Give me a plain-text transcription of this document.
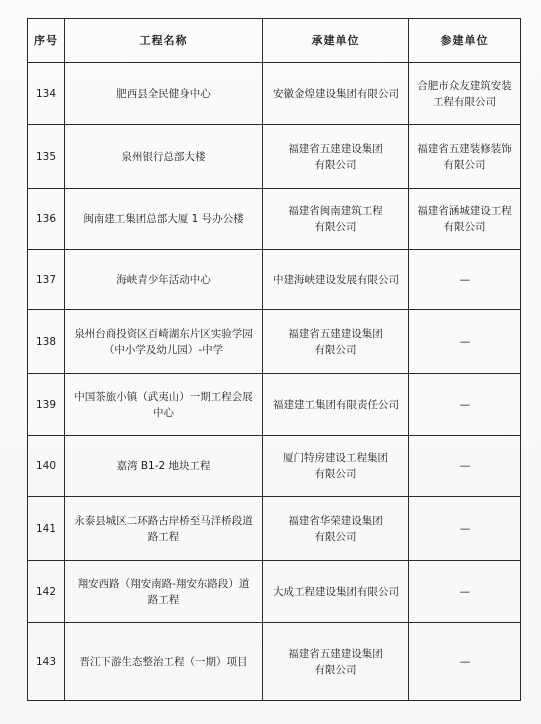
序号	工程名称	承建单位	参建单位
134	肥西县全民健身中心	安徽金煌建设集团有限公司	合肥市众友建筑安装工程有限公司
135	泉州银行总部大楼	福建省五建建设集团有限公司	福建省五建装修装饰有限公司
136	闽南建工集团总部大厦 1 号办公楼	福建省闽南建筑工程有限公司	福建省涵城建设工程有限公司
137	海峡青少年活动中心	中建海峡建设发展有限公司	—
138	泉州台商投资区百崎湖东片区实验学园（中小学及幼儿园）-中学	福建省五建建设集团有限公司	—
139	中国茶旅小镇（武夷山）一期工程会展中心	福建建工集团有限责任公司	—
140	嘉湾 B1-2 地块工程	厦门特房建设工程集团有限公司	—
141	永泰县城区二环路古岸桥至马洋桥段道路工程	福建省华荣建设集团有限公司	—
142	翔安西路（翔安南路-翔安东路段）道路工程	大成工程建设集团有限公司	—
143	晋江下游生态整治工程（一期）项目	福建省五建建设集团有限公司	—
